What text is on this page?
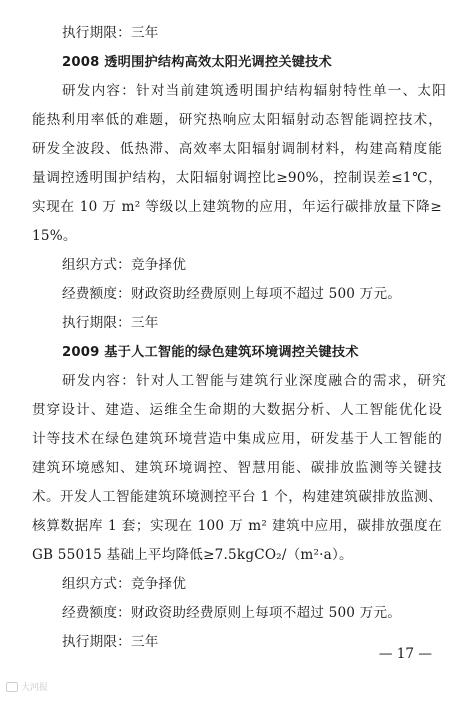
执行期限：三年
2008 透明围护结构高效太阳光调控关键技术
研发内容：针对当前建筑透明围护结构辐射特性单一、太阳
能热利用率低的难题，研究热响应太阳辐射动态智能调控技术，
研发全波段、低热滞、高效率太阳辐射调制材料，构建高精度能
量调控透明围护结构，太阳辐射调控比≥90%，控制误差≤1℃，
实现在 10 万 m² 等级以上建筑物的应用，年运行碳排放量下降≥
15%。
组织方式：竞争择优
经费额度：财政资助经费原则上每项不超过 500 万元。
执行期限：三年
2009 基于人工智能的绿色建筑环境调控关键技术
研发内容：针对人工智能与建筑行业深度融合的需求，研究
贯穿设计、建造、运维全生命期的大数据分析、人工智能优化设
计等技术在绿色建筑环境营造中集成应用，研发基于人工智能的
建筑环境感知、建筑环境调控、智慧用能、碳排放监测等关键技
术。开发人工智能建筑环境测控平台 1 个，构建建筑碳排放监测、
核算数据库 1 套；实现在 100 万 m² 建筑中应用，碳排放强度在
GB 55015 基础上平均降低≥7.5kgCO₂/（m²·a）。
组织方式：竞争择优
经费额度：财政资助经费原则上每项不超过 500 万元。
执行期限：三年
— 17 —
大河报
